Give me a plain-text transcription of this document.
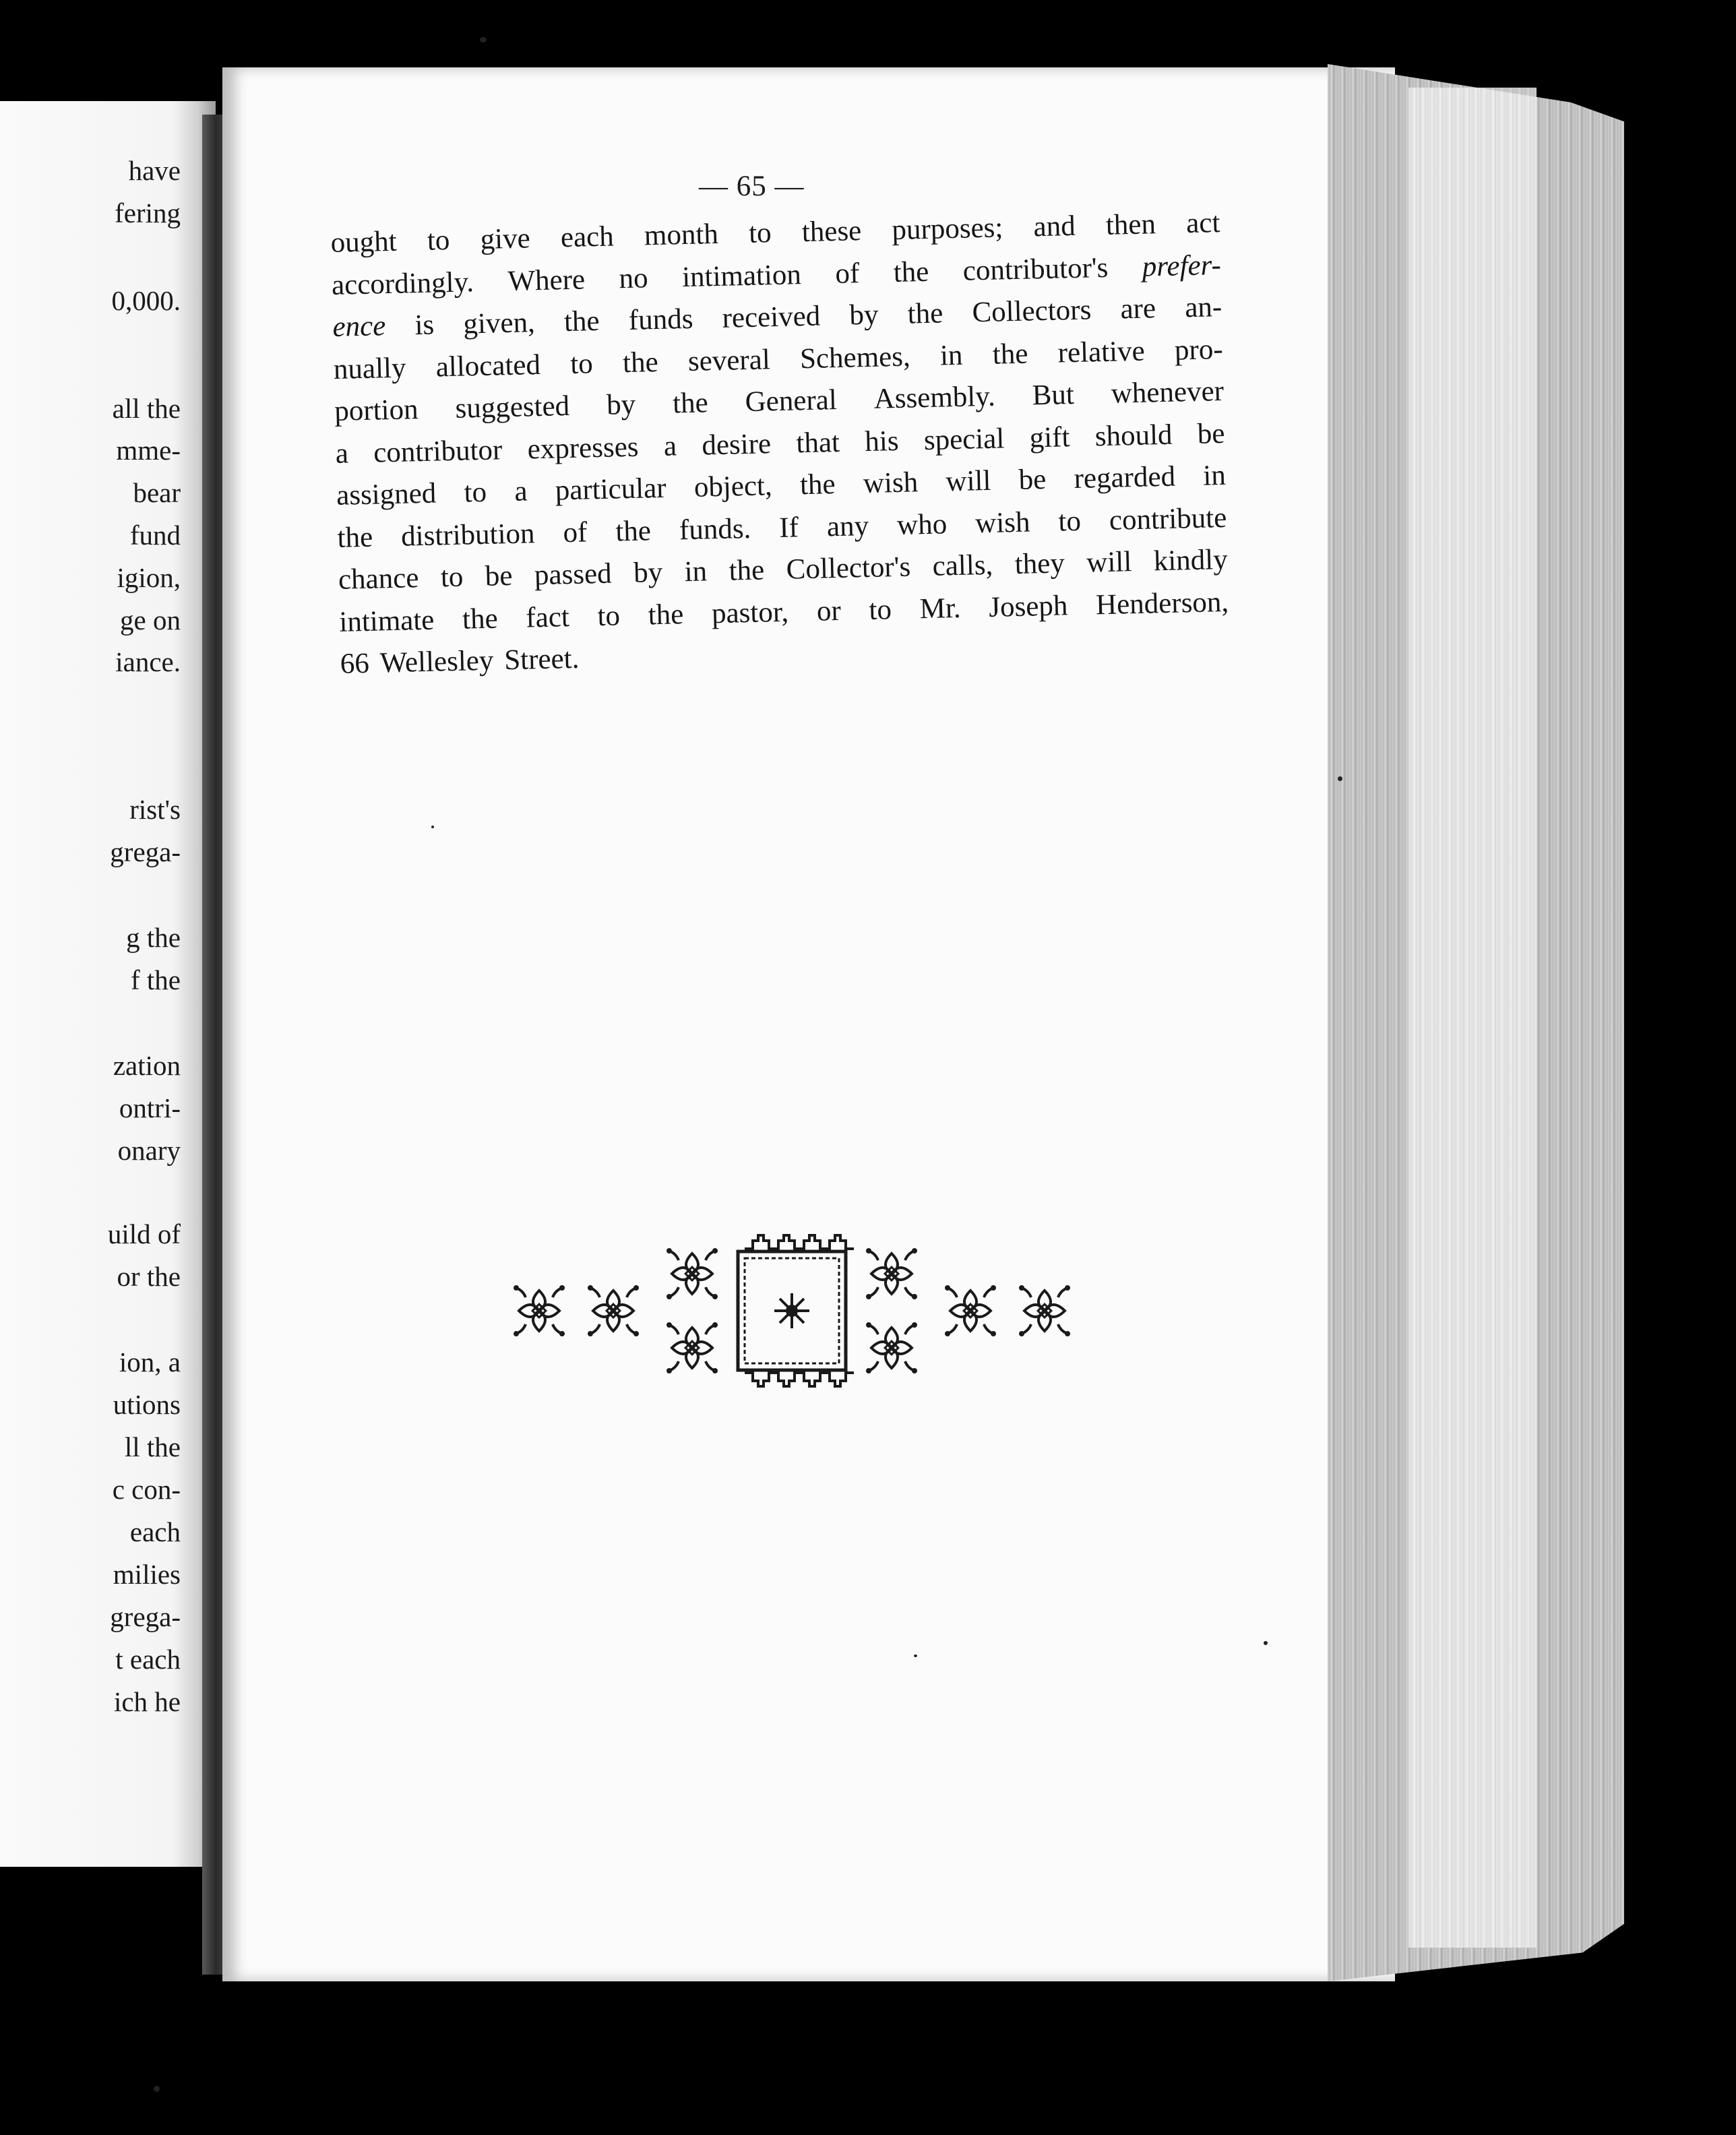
have
fering
0,000.
all the
mme-
bear
fund
igion,
ge on
iance.
rist's
grega-
g the
f the
zation
ontri-
onary
uild of
or the
ion, a
utions
ll the
c con-
each
milies
grega-
t each
ich he
— 65 —
ought to give each month to these purposes; and then act
accordingly. Where no intimation of the contributor's prefer-
ence is given, the funds received by the Collectors are an-
nually allocated to the several Schemes, in the relative pro-
portion suggested by the General Assembly. But whenever
a contributor expresses a desire that his special gift should be
assigned to a particular object, the wish will be regarded in
the distribution of the funds. If any who wish to contribute
chance to be passed by in the Collector's calls, they will kindly
intimate the fact to the pastor, or to Mr. Joseph Henderson,
66 Wellesley Street.
